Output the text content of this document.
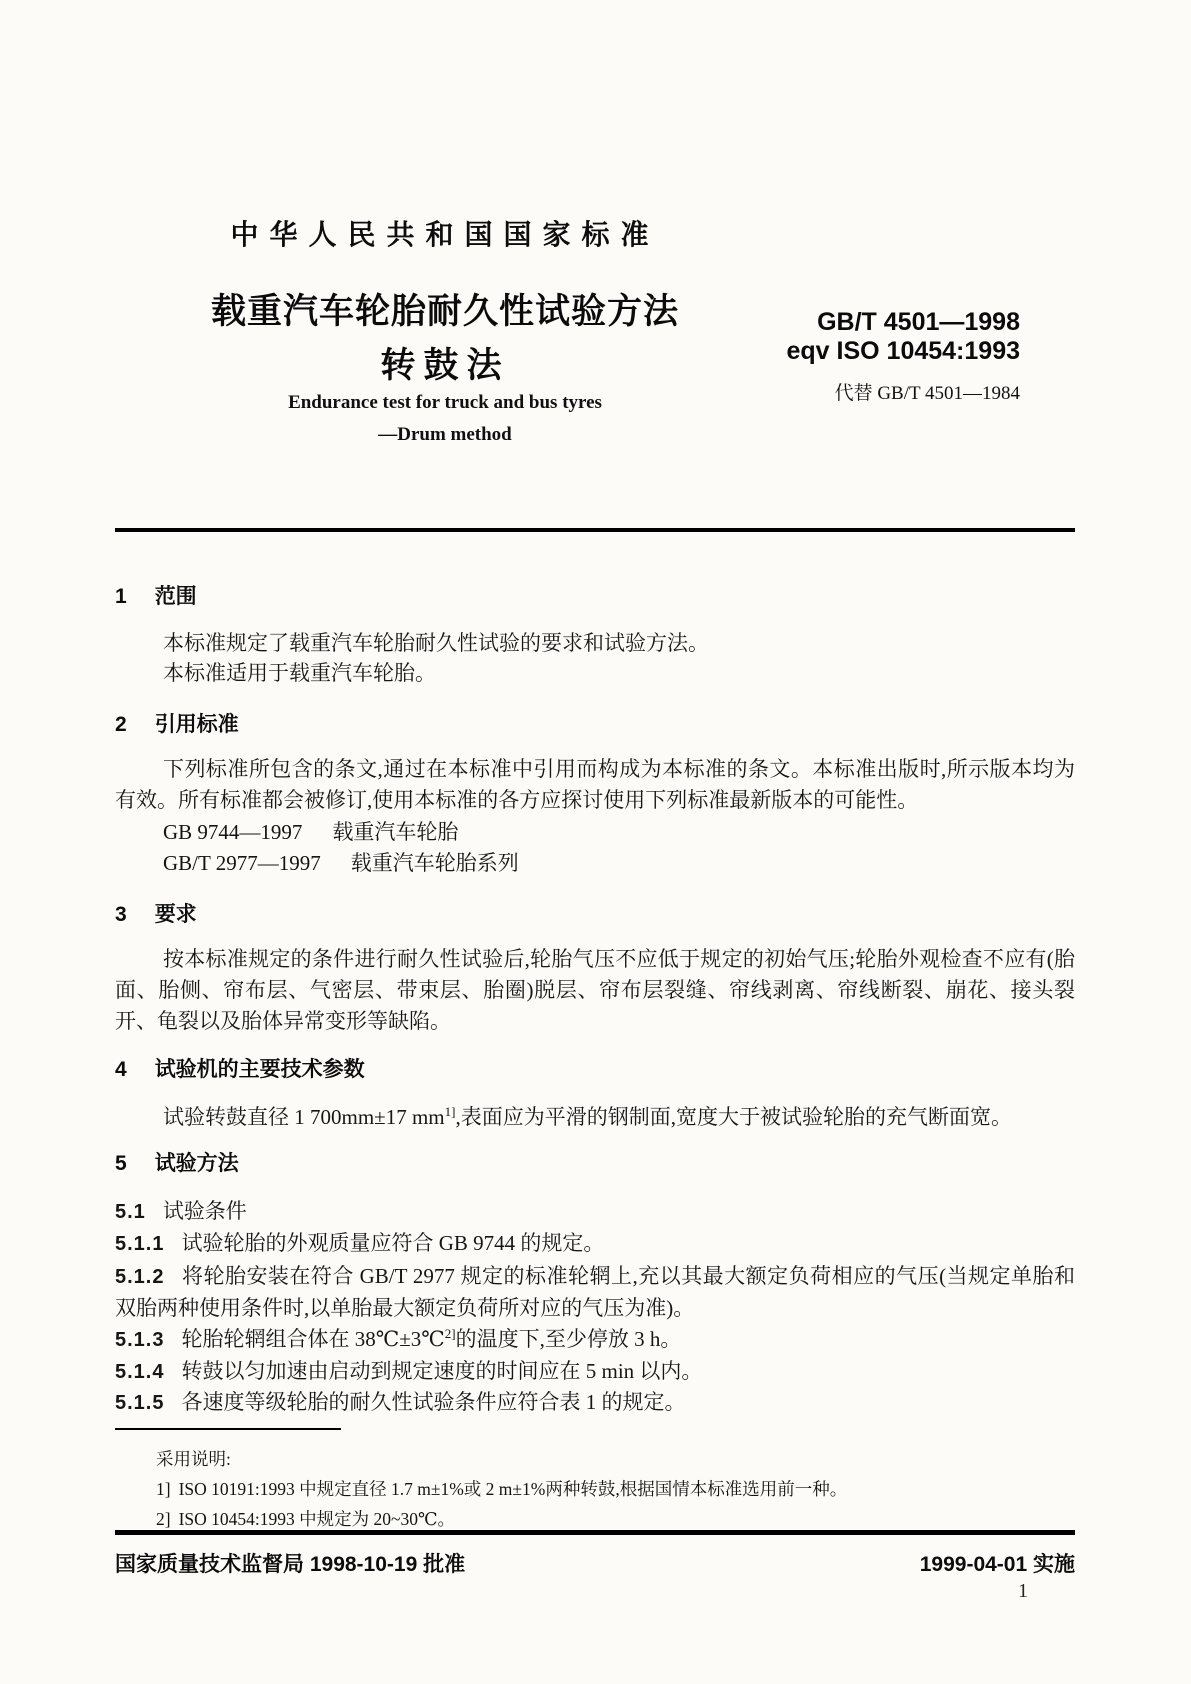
中华人民共和国国家标准
载重汽车轮胎耐久性试验方法
转鼓法
Endurance test for truck and bus tyres
—Drum method
GB/T 4501—1998
eqv ISO 10454:1993
代替 GB/T 4501—1984
1 范围

本标准规定了载重汽车轮胎耐久性试验的要求和试验方法。

本标准适用于载重汽车轮胎。

2 引用标准

下列标准所包含的条文,通过在本标准中引用而构成为本标准的条文。本标准出版时,所示版本均为有效。所有标准都会被修订,使用本标准的各方应探讨使用下列标准最新版本的可能性。

GB 9744—1997 载重汽车轮胎
GB/T 2977—1997 载重汽车轮胎系列
3 要求

按本标准规定的条件进行耐久性试验后,轮胎气压不应低于规定的初始气压;轮胎外观检查不应有(胎面、胎侧、帘布层、气密层、带束层、胎圈)脱层、帘布层裂缝、帘线剥离、帘线断裂、崩花、接头裂开、龟裂以及胎体异常变形等缺陷。

4 试验机的主要技术参数

试验转鼓直径 1 700mm±17 $mm^{1]}$,表面应为平滑的钢制面,宽度大于被试验轮胎的充气断面宽。

5 试验方法

5.1 试验条件

5.1.1 试验轮胎的外观质量应符合 GB 9744 的规定。

5.1.2 将轮胎安装在符合 GB/T 2977 规定的标准轮辋上,充以其最大额定负荷相应的气压(当规定单胎和双胎两种使用条件时,以单胎最大额定负荷所对应的气压为准)。

5.1.3 轮胎轮辋组合体在 38℃±3℃$^{2]}$的温度下,至少停放 3 h。

5.1.4 转鼓以匀加速由启动到规定速度的时间应在 5 min 以内。

5.1.5 各速度等级轮胎的耐久性试验条件应符合表 1 的规定。

采用说明:
1] ISO 10191:1993 中规定直径 1.7 m±1%或 2 m±1%两种转鼓,根据国情本标准选用前一种。
2] ISO 10454:1993 中规定为 20~30℃。
国家质量技术监督局 1998-10-19 批准	1999-04-01 实施
1
